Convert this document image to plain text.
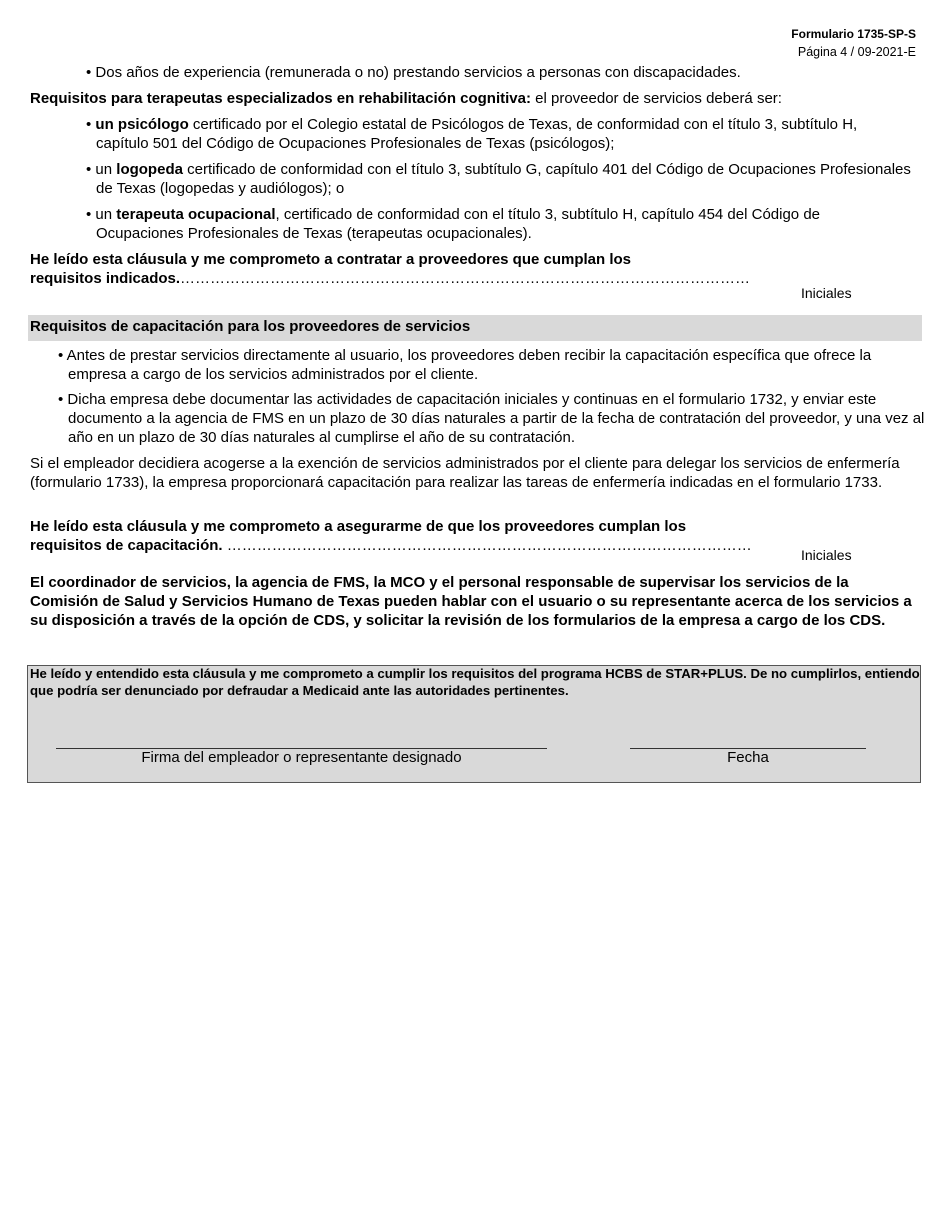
Formulario 1735-SP-S
Página 4 / 09-2021-E
• Dos años de experiencia (remunerada o no) prestando servicios a personas con discapacidades.
Requisitos para terapeutas especializados en rehabilitación cognitiva: el proveedor de servicios deberá ser:
• un psicólogo certificado por el Colegio estatal de Psicólogos de Texas, de conformidad con el título 3, subtítulo H, capítulo 501 del Código de Ocupaciones Profesionales de Texas (psicólogos);
• un logopeda certificado de conformidad con el título 3, subtítulo G, capítulo 401 del Código de Ocupaciones Profesionales de Texas (logopedas y audiólogos); o
• un terapeuta ocupacional, certificado de conformidad con el título 3, subtítulo H, capítulo 454 del Código de Ocupaciones Profesionales de Texas (terapeutas ocupacionales).
He leído esta cláusula y me comprometo a contratar a proveedores que cumplan los
requisitos indicados.……………………………………………………………………………………………………
Iniciales
Requisitos de capacitación para los proveedores de servicios
• Antes de prestar servicios directamente al usuario, los proveedores deben recibir la capacitación específica que ofrece la empresa a cargo de los servicios administrados por el cliente.
• Dicha empresa debe documentar las actividades de capacitación iniciales y continuas en el formulario 1732, y enviar este documento a la agencia de FMS en un plazo de 30 días naturales a partir de la fecha de contratación del proveedor, y una vez al año en un plazo de 30 días naturales al cumplirse el año de su contratación.
Si el empleador decidiera acogerse a la exención de servicios administrados por el cliente para delegar los servicios de enfermería (formulario 1733), la empresa proporcionará capacitación para realizar las tareas de enfermería indicadas en el formulario 1733.
He leído esta cláusula y me comprometo a asegurarme de que los proveedores cumplan los
requisitos de capacitación. ……………………………………………………………………………………………
Iniciales
El coordinador de servicios, la agencia de FMS, la MCO y el personal responsable de supervisar los servicios de la Comisión de Salud y Servicios Humano de Texas pueden hablar con el usuario o su representante acerca de los servicios a su disposición a través de la opción de CDS, y solicitar la revisión de los formularios de la empresa a cargo de los CDS.
He leído y entendido esta cláusula y me comprometo a cumplir los requisitos del programa HCBS de STAR+PLUS. De no cumplirlos, entiendo que podría ser denunciado por defraudar a Medicaid ante las autoridades pertinentes.
Firma del empleador o representante designado	Fecha
